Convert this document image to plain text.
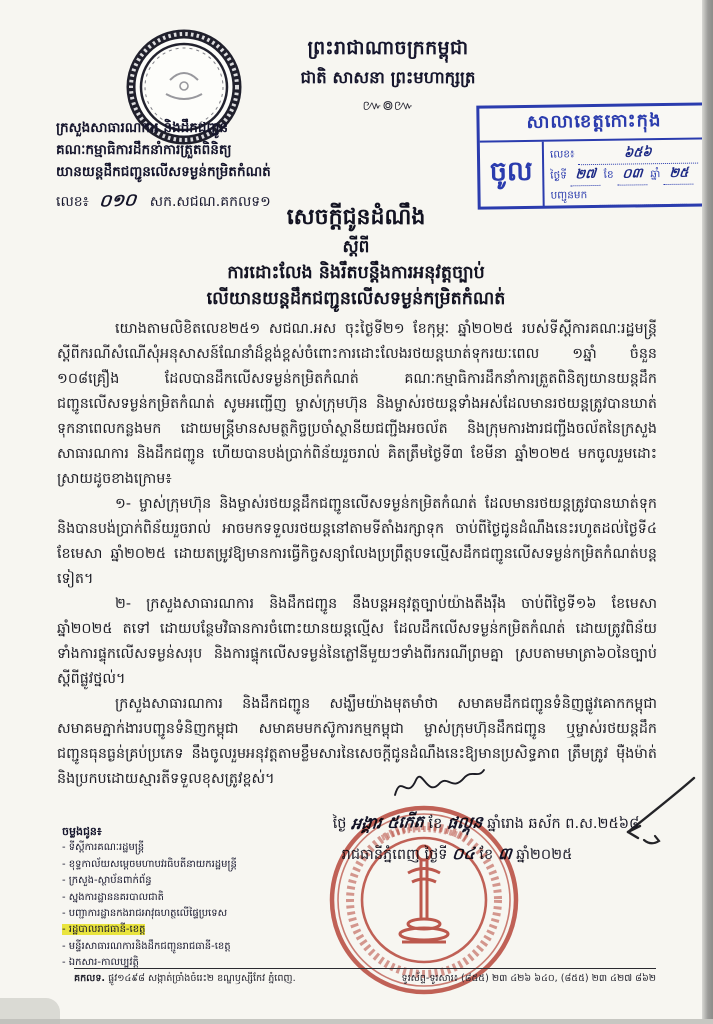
ព្រះរាជាណាចក្រកម្ពុជា
ជាតិ សាសនា ព្រះមហាក្សត្រ
៚៙៚
ក្រសួងសាធារណការ និងដឹកជញ្ជូន
គណៈកម្មាធិការដឹកនាំការត្រួតពិនិត្យ
យានយន្តដឹកជញ្ជូនលើសទម្ងន់កម្រិតកំណត់
លេខ៖ ០១០ សក.សជណ.គកលទ១
សាលាខេត្តកោះកុង
ចូល
លេខ៖	៦៥៦
ថ្ងៃទី ២៧ ខែ ០៣ ឆ្នាំ ២៥
បញ្ជូនមក
សេចក្តីជូនដំណឹង
ស្តីពី
ការដោះលែង និងរឹតបន្តឹងការអនុវត្តច្បាប់
លើយានយន្តដឹកជញ្ជូនលើសទម្ងន់កម្រិតកំណត់

យោងតាមលិខិតលេខ២៥១ សជណ.អស ចុះថ្ងៃទី២១ ខែកុម្ភៈ ឆ្នាំ២០២៥ របស់ទីស្តីការគណៈរដ្ឋមន្ត្រី ស្តីពីករណីសំណើសុំអនុសាសន៍ណែនាំដ៏ខ្ពង់ខ្ពស់ចំពោះការដោះលែងរថយន្តឃាត់ទុករយៈពេល ១ឆ្នាំ ចំនួន ១០៨គ្រឿង ដែលបានដឹកលើសទម្ងន់កម្រិតកំណត់ គណៈកម្មាធិការដឹកនាំការត្រួតពិនិត្យយានយន្តដឹកជញ្ជូនលើសទម្ងន់កម្រិតកំណត់ សូមអញ្ជើញ ម្ចាស់ក្រុមហ៊ុន និងម្ចាស់រថយន្តទាំងអស់ដែលមានរថយន្តត្រូវបានឃាត់ទុកនាពេលកន្លងមក ដោយមន្ត្រីមានសមត្ថកិច្ចប្រចាំស្ថានីយជញ្ជីងអចល័ត និងក្រុមការងារជញ្ជីងចល័តនៃក្រសួងសាធារណការ និងដឹកជញ្ជូន ហើយបានបង់ប្រាក់ពិន័យរួចរាល់ គិតត្រឹមថ្ងៃទី៣ ខែមីនា ឆ្នាំ២០២៥ មកចូលរួមដោះស្រាយដូចខាងក្រោម៖

១- ម្ចាស់ក្រុមហ៊ុន និងម្ចាស់រថយន្តដឹកជញ្ជូនលើសទម្ងន់កម្រិតកំណត់ ដែលមានរថយន្តត្រូវបានឃាត់ទុក និងបានបង់ប្រាក់ពិន័យរួចរាល់ អាចមកទទួលរថយន្តនៅតាមទីតាំងរក្សាទុក ចាប់ពីថ្ងៃជូនដំណឹងនេះរហូតដល់ថ្ងៃទី៤ ខែមេសា ឆ្នាំ២០២៥ ដោយតម្រូវឱ្យមានការធ្វើកិច្ចសន្យាលែងប្រព្រឹត្តបទល្មើសដឹកជញ្ជូនលើសទម្ងន់កម្រិតកំណត់បន្តទៀត។

២- ក្រសួងសាធារណការ និងដឹកជញ្ជូន នឹងបន្តអនុវត្តច្បាប់យ៉ាងតឹងរ៉ឹង ចាប់ពីថ្ងៃទី១៦ ខែមេសា ឆ្នាំ២០២៥ តទៅ ដោយបន្ថែមវិធានការចំពោះយានយន្តល្មើស ដែលដឹកលើសទម្ងន់កម្រិតកំណត់ ដោយត្រូវពិន័យទាំងការផ្ទុកលើសទម្ងន់សរុប និងការផ្ទុកលើសទម្ងន់នៃភ្លៅនីមួយៗទាំងពីរករណីព្រមគ្នា ស្របតាមមាត្រា៦០នៃច្បាប់ស្តីពីផ្លូវថ្នល់។

ក្រសួងសាធារណការ និងដឹកជញ្ជូន សង្ឃឹមយ៉ាងមុតមាំថា សមាគមដឹកជញ្ជូនទំនិញផ្លូវគោកកម្ពុជា សមាគមភ្នាក់ងារបញ្ជូនទំនិញកម្ពុជា សមាគមមកស៊ូការកម្មកម្ពុជា ម្ចាស់ក្រុមហ៊ុនដឹកជញ្ជូន ឬម្ចាស់រថយន្តដឹកជញ្ជូនធុនធ្ងន់គ្រប់ប្រភេទ នឹងចូលរួមអនុវត្តតាមខ្លឹមសារនៃសេចក្តីជូនដំណឹងនេះឱ្យមានប្រសិទ្ធភាព ត្រឹមត្រូវ ម៉ឺងម៉ាត់ និងប្រកបដោយស្មារតីទទួលខុសត្រូវខ្ពស់។

ថ្ងៃ អង្គារ ៥កើត ខែ ផល្គុន ឆ្នាំរោង ឆស័ក ព.ស.២៥៦៨
រាជធានីភ្នំពេញ ថ្ងៃទី ០៤ ខែ ៣ ឆ្នាំ២០២៥
ចម្លងជូន៖
- ទីស្តីការគណៈរដ្ឋមន្ត្រី
- ខុទ្ទកាល័យសម្តេចមហាបវរធិបតីនាយករដ្ឋមន្ត្រី
- ក្រសួង-ស្ថាប័នពាក់ព័ន្ធ
- ស្នងការដ្ឋាននគរបាលជាតិ
- បញ្ជាការដ្ឋានកងរាជអាវុធហត្ថលើផ្ទៃប្រទេស
- រដ្ឋបាលរាជធានី-ខេត្ត
- មន្ទីរសាធារណការនិងដឹកជញ្ជូនរាជធានី-ខេត្ត
- ឯកសារ-កាលប្បវត្តិ
គកលទ. ផ្លូវ១៤៩៨ សង្កាត់ច្រាំងចំរេះ២ ខណ្ឌឫស្សីកែវ ភ្នំពេញ.	ទូរស័ព្ទ-ទូរសារ៖ (៨៥៥) ២៣ ៤២៦ ៦៤០, (៨៥៥) ២៣ ៤២៧ ៨៦២
